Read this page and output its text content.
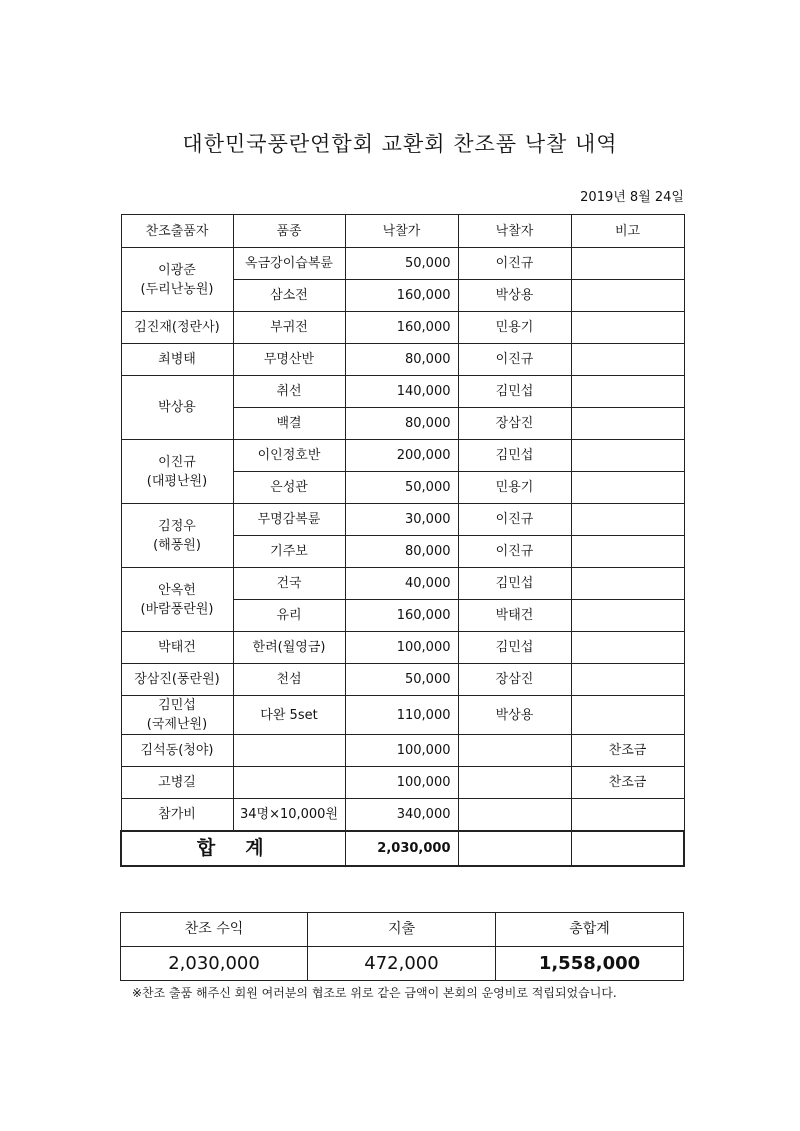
대한민국풍란연합회 교환회 찬조품 낙찰 내역
2019년 8월 24일
찬조출품자	품종	낙찰가	낙찰자	비고

이광준
(두리난농원)	옥금강이습복륜	50,000	이진규	
	삼소전	160,000	박상용	

김진재(정란사)	부귀전	160,000	민용기	

최병태	무명산반	80,000	이진규	

박상용	취선	140,000	김민섭	
	백결	80,000	장삼진	

이진규
(대평난원)	이인정호반	200,000	김민섭	
	은성관	50,000	민용기	

김정우
(해풍원)	무명감복륜	30,000	이진규	
	기주보	80,000	이진규	

안옥헌
(바람풍란원)	건국	40,000	김민섭	
	유리	160,000	박태건	

박태건	한려(월영금)	100,000	김민섭	

장삼진(풍란원)	천섬	50,000	장삼진	

김민섭
(국제난원)	다완 5set	110,000	박상용	

김석동(청야)		100,000		찬조금

고병길		100,000		찬조금

참가비	34명×10,000원	340,000		
합계		2,030,000		
찬조 수익	지출	총합계
2,030,000	472,000	1,558,000
※찬조 출품 해주신 회원 여러분의 협조로 위로 같은 금액이 본회의 운영비로 적립되었습니다.
